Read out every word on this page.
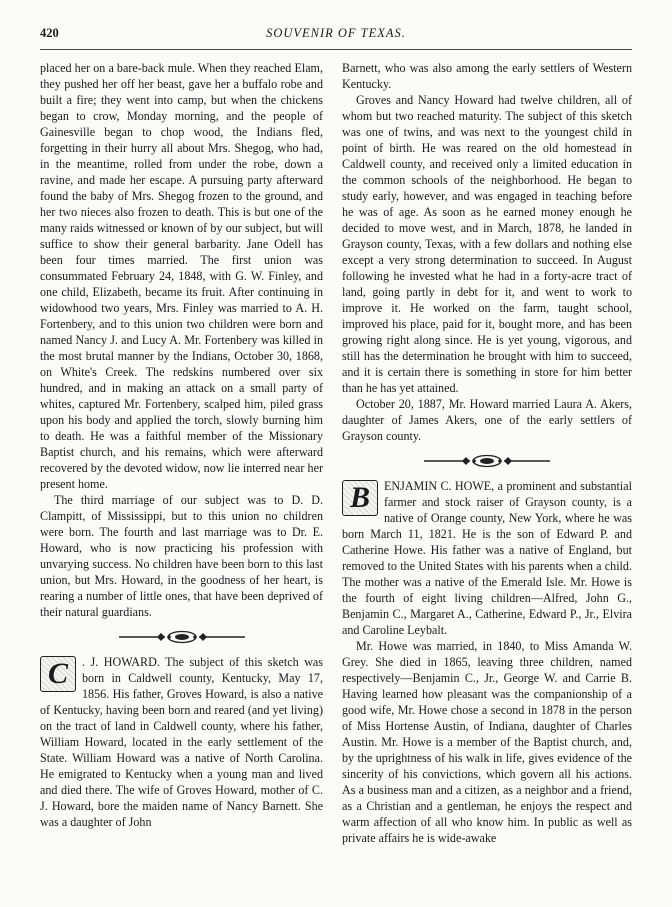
420	SOUVENIR OF TEXAS.

placed her on a bare-back mule. When they reached Elam, they pushed her off her beast, gave her a buffalo robe and built a fire; they went into camp, but when the chickens began to crow, Monday morning, and the people of Gainesville began to chop wood, the Indians fled, forgetting in their hurry all about Mrs. Shegog, who had, in the meantime, rolled from under the robe, down a ravine, and made her escape. A pursuing party afterward found the baby of Mrs. Shegog frozen to the ground, and her two nieces also frozen to death. This is but one of the many raids witnessed or known of by our subject, but will suffice to show their general barbarity. Jane Odell has been four times married. The first union was consummated February 24, 1848, with G. W. Finley, and one child, Elizabeth, became its fruit. After continuing in widowhood two years, Mrs. Finley was married to A. H. Fortenbery, and to this union two children were born and named Nancy J. and Lucy A. Mr. Fortenbery was killed in the most brutal manner by the Indians, October 30, 1868, on White's Creek. The redskins numbered over six hundred, and in making an attack on a small party of whites, captured Mr. Fortenbery, scalped him, piled grass upon his body and applied the torch, slowly burning him to death. He was a faithful member of the Missionary Baptist church, and his remains, which were afterward recovered by the devoted widow, now lie interred near her present home.

The third marriage of our subject was to D. D. Clampitt, of Mississippi, but to this union no children were born. The fourth and last marriage was to Dr. E. Howard, who is now practicing his profession with unvarying success. No children have been born to this last union, but Mrs. Howard, in the goodness of her heart, is rearing a number of little ones, that have been deprived of their natural guardians.

C	. J. HOWARD. The subject of this sketch was born in Caldwell county, Kentucky, May 17, 1856. His father, Groves Howard, is also a native of Kentucky, having been born and reared (and yet living) on the tract of land in Caldwell county, where his father, William Howard, located in the early settlement of the State. William Howard was a native of North Carolina. He emigrated to Kentucky when a young man and lived and died there. The wife of Groves Howard, mother of C. J. Howard, bore the maiden name of Nancy Barnett. She was a daughter of John

Barnett, who was also among the early settlers of Western Kentucky.

Groves and Nancy Howard had twelve children, all of whom but two reached maturity. The subject of this sketch was one of twins, and was next to the youngest child in point of birth. He was reared on the old homestead in Caldwell county, and received only a limited education in the common schools of the neighborhood. He began to study early, however, and was engaged in teaching before he was of age. As soon as he earned money enough he decided to move west, and in March, 1878, he landed in Grayson county, Texas, with a few dollars and nothing else except a very strong determination to succeed. In August following he invested what he had in a forty-acre tract of land, going partly in debt for it, and went to work to improve it. He worked on the farm, taught school, improved his place, paid for it, bought more, and has been growing right along since. He is yet young, vigorous, and still has the determination he brought with him to succeed, and it is certain there is something in store for him better than he has yet attained.

October 20, 1887, Mr. Howard married Laura A. Akers, daughter of James Akers, one of the early settlers of Grayson county.

B	ENJAMIN C. HOWE, a prominent and substantial farmer and stock raiser of Grayson county, is a native of Orange county, New York, where he was born March 11, 1821. He is the son of Edward P. and Catherine Howe. His father was a native of England, but removed to the United States with his parents when a child. The mother was a native of the Emerald Isle. Mr. Howe is the fourth of eight living children—Alfred, John G., Benjamin C., Margaret A., Catherine, Edward P., Jr., Elvira and Caroline Leybalt.

Mr. Howe was married, in 1840, to Miss Amanda W. Grey. She died in 1865, leaving three children, named respectively—Benjamin C., Jr., George W. and Carrie B. Having learned how pleasant was the companionship of a good wife, Mr. Howe chose a second in 1878 in the person of Miss Hortense Austin, of Indiana, daughter of Charles Austin. Mr. Howe is a member of the Baptist church, and, by the uprightness of his walk in life, gives evidence of the sincerity of his convictions, which govern all his actions. As a business man and a citizen, as a neighbor and a friend, as a Christian and a gentleman, he enjoys the respect and warm affection of all who know him. In public as well as private affairs he is wide-awake
